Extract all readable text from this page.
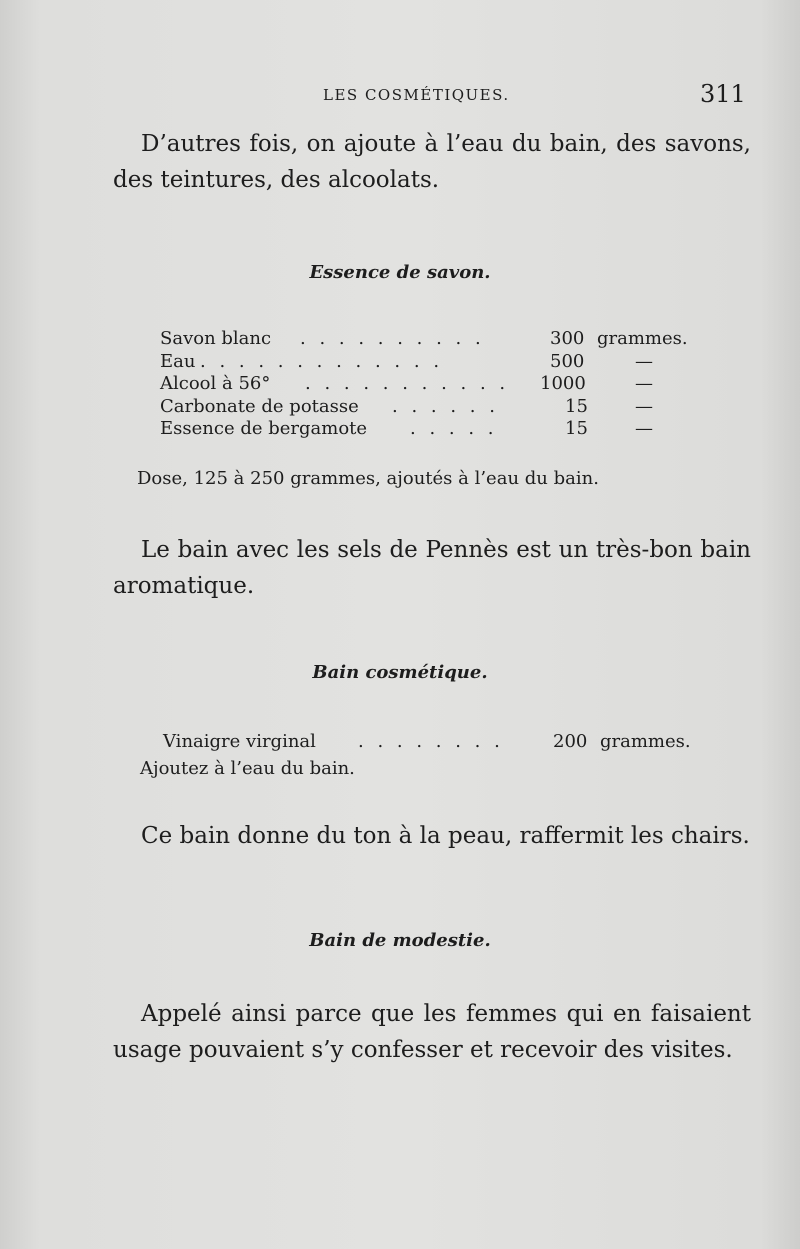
LES COSMÉTIQUES.	311

D’autres fois, on ajoute à l’eau du bain, des savons, des teintures, des alcoolats.

Essence de savon.
Savon blanc . . . . . . . . . .	300 grammes.
Eau . . . . . . . . . . . . .	500	—
Alcool à 56° . . . . . . . . . . . 1000	—
Carbonate de potasse . . . . . .	15	—
Essence de bergamote . . . . .	15	—
Dose, 125 à 250 grammes, ajoutés à l’eau du bain.

Le bain avec les sels de Pennès est un très-bon bain aromatique.

Bain cosmétique.
Vinaigre virginal . . . . . . . .	200 grammes.
Ajoutez à l’eau du bain.

Ce bain donne du ton à la peau, raffermit les chairs.

Bain de modestie.

Appelé ainsi parce que les femmes qui en faisaient usage pouvaient s’y confesser et recevoir des visites.
